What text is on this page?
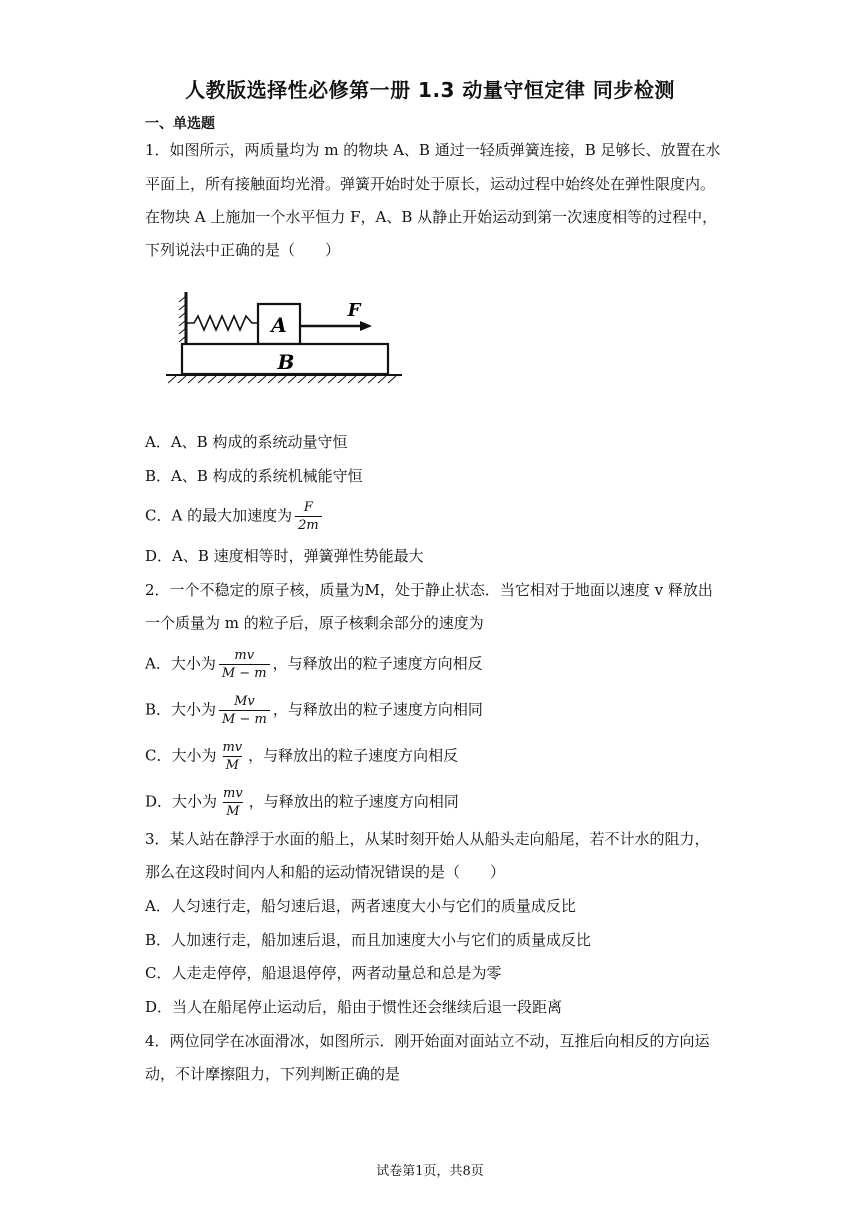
人教版选择性必修第一册 1.3 动量守恒定律 同步检测
一、单选题
1．如图所示，两质量均为 m 的物块 A、B 通过一轻质弹簧连接，B 足够长、放置在水
平面上，所有接触面均光滑。弹簧开始时处于原长，运动过程中始终处在弹性限度内。
在物块 A 上施加一个水平恒力 F，A、B 从静止开始运动到第一次速度相等的过程中，
下列说法中正确的是（　　）
A
F
B
A．A、B 构成的系统动量守恒
B．A、B 构成的系统机械能守恒
C．A 的最大加速度为 $\frac{F}{2m}$
D．A、B 速度相等时，弹簧弹性势能最大
2．一个不稳定的原子核，质量为M，处于静止状态．当它相对于地面以速度 v 释放出
一个质量为 m 的粒子后，原子核剩余部分的速度为
A．大小为 $\frac{mv}{M - m}$ ，与释放出的粒子速度方向相反
B．大小为 $\frac{Mv}{M - m}$ ，与释放出的粒子速度方向相同
C．大小为 $\frac{mv}{M}$ ，与释放出的粒子速度方向相反
D．大小为 $\frac{mv}{M}$ ，与释放出的粒子速度方向相同
3．某人站在静浮于水面的船上，从某时刻开始人从船头走向船尾，若不计水的阻力，
那么在这段时间内人和船的运动情况错误的是（　　）
A．人匀速行走，船匀速后退，两者速度大小与它们的质量成反比
B．人加速行走，船加速后退，而且加速度大小与它们的质量成反比
C．人走走停停，船退退停停，两者动量总和总是为零
D．当人在船尾停止运动后，船由于惯性还会继续后退一段距离
4．两位同学在冰面滑冰，如图所示．刚开始面对面站立不动，互推后向相反的方向运
动，不计摩擦阻力，下列判断正确的是
试卷第1页，共8页
